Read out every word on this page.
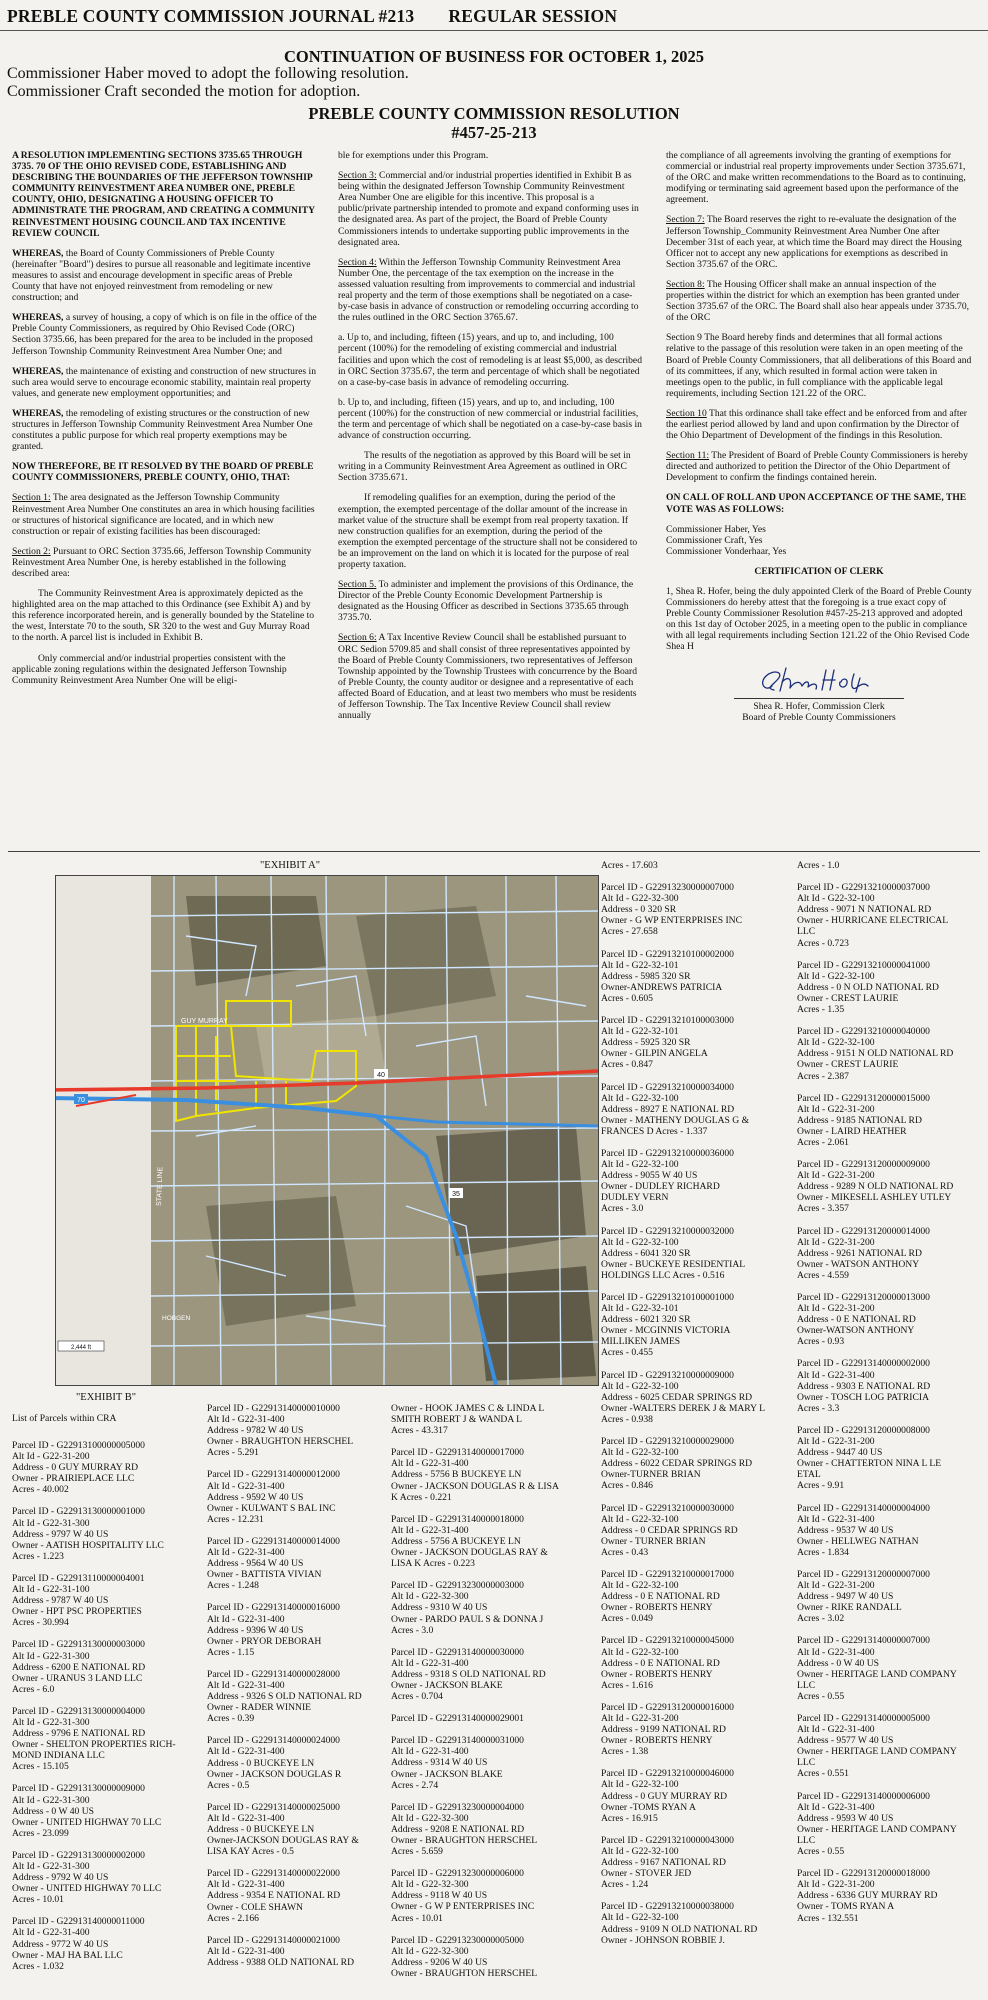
PREBLE COUNTY COMMISSION JOURNAL #213 REGULAR SESSION
CONTINUATION OF BUSINESS FOR OCTOBER 1, 2025
Commissioner Haber moved to adopt the following resolution.
Commissioner Craft seconded the motion for adoption.
PREBLE COUNTY COMMISSION RESOLUTION
#457-25-213

A RESOLUTION IMPLEMENTING SECTIONS 3735.65 THROUGH 3735. 70 OF THE OHIO REVISED CODE, ESTABLISHING AND DESCRIBING THE BOUNDARIES OF THE JEFFERSON TOWNSHIP COMMUNITY REINVESTMENT AREA NUMBER ONE, PREBLE COUNTY, OHIO, DESIGNATING A HOUSING OFFICER TO ADMINISTRATE THE PROGRAM, AND CREATING A COMMUNITY REINVESTMENT HOUSING COUNCIL AND TAX INCENTIVE REVIEW COUNCIL

WHEREAS, the Board of County Commissioners of Preble County (hereinafter "Board") desires to pursue all reasonable and legitimate incentive measures to assist and encourage development in specific areas of Preble County that have not enjoyed reinvestment from remodeling or new construction; and

WHEREAS, a survey of housing, a copy of which is on file in the office of the Preble County Commissioners, as required by Ohio Revised Code (ORC) Section 3735.66, has been prepared for the area to be included in the proposed Jefferson Township Community Reinvestment Area Number One; and

WHEREAS, the maintenance of existing and construction of new structures in such area would serve to encourage economic stability, maintain real property values, and generate new employment opportunities; and

WHEREAS, the remodeling of existing structures or the construction of new structures in Jefferson Township Community Reinvestment Area Number One constitutes a public purpose for which real property exemptions may be granted.

NOW THEREFORE, BE IT RESOLVED BY THE BOARD OF PREBLE COUNTY COMMISSIONERS, PREBLE COUNTY, OHIO, THAT:

Section 1: The area designated as the Jefferson Township Community Reinvestment Area Number One constitutes an area in which housing facilities or structures of historical significance are located, and in which new construction or repair of existing facilities has been discouraged:

Section 2: Pursuant to ORC Section 3735.66, Jefferson Township Community Reinvestment Area Number One, is hereby established in the following described area:

The Community Reinvestment Area is approximately depicted as the highlighted area on the map attached to this Ordinance (see Exhibit A) and by this reference incorporated herein, and is generally bounded by the Stateline to the west, Interstate 70 to the south, SR 320 to the west and Guy Murray Road to the north. A parcel list is included in Exhibit B.

Only commercial and/or industrial properties consistent with the applicable zoning regulations within the designated Jefferson Township Community Reinvestment Area Number One will be eligi-

ble for exemptions under this Program.

Section 3: Commercial and/or industrial properties identified in Exhibit B as being within the designated Jefferson Township Community Reinvestment Area Number One are eligible for this incentive. This proposal is a public/private partnership intended to promote and expand conforming uses in the designated area. As part of the project, the Board of Preble County Commissioners intends to undertake supporting public improvements in the designated area.

Section 4: Within the Jefferson Township Community Reinvestment Area Number One, the percentage of the tax exemption on the increase in the assessed valuation resulting from improvements to commercial and industrial real property and the term of those exemptions shall be negotiated on a case-by-case basis in advance of construction or remodeling occurring according to the rules outlined in the ORC Section 3765.67.

a. Up to, and including, fifteen (15) years, and up to, and including, 100 percent (100%) for the remodeling of existing commercial and industrial facilities and upon which the cost of remodeling is at least $5,000, as described in ORC Section 3735.67, the term and percentage of which shall be negotiated on a case-by-case basis in advance of remodeling occurring.

b. Up to, and including, fifteen (15) years, and up to, and including, 100 percent (100%) for the construction of new commercial or industrial facilities, the term and percentage of which shall be negotiated on a case-by-case basis in advance of construction occurring.

The results of the negotiation as approved by this Board will be set in writing in a Community Reinvestment Area Agreement as outlined in ORC Section 3735.671.

If remodeling qualifies for an exemption, during the period of the exemption, the exempted percentage of the dollar amount of the increase in market value of the structure shall be exempt from real property taxation. If new construction qualifies for an exemption, during the period of the exemption the exempted percentage of the structure shall not be considered to be an improvement on the land on which it is located for the purpose of real property taxation.

Section 5. To administer and implement the provisions of this Ordinance, the Director of the Preble County Economic Development Partnership is designated as the Housing Officer as described in Sections 3735.65 through 3735.70.

Section 6: A Tax Incentive Review Council shall be established pursuant to ORC Sedion 5709.85 and shall consist of three representatives appointed by the Board of Preble County Commissioners, two representatives of Jefferson Township appointed by the Township Trustees with concurrence by the Board of Preble County, the county auditor or designee and a representative of each affected Board of Education, and at least two members who must be residents of Jefferson Township. The Tax Incentive Review Council shall review annually

the compliance of all agreements involving the granting of exemptions for commercial or industrial real property improvements under Section 3735.671, of the ORC and make written recommendations to the Board as to continuing, modifying or terminating said agreement based upon the performance of the agreement.

Section 7: The Board reserves the right to re-evaluate the designation of the Jefferson Township_Community Reinvestment Area Number One after December 31st of each year, at which time the Board may direct the Housing Officer not to accept any new applications for exemptions as described in Section 3735.67 of the ORC.

Section 8: The Housing Officer shall make an annual inspection of the properties within the district for which an exemption has been granted under Section 3735.67 of the ORC. The Board shall also hear appeals under 3735.70, of the ORC

Section 9 The Board hereby finds and determines that all formal actions relative to the passage of this resolution were taken in an open meeting of the Board of Preble County Commissioners, that all deliberations of this Board and of its committees, if any, which resulted in formal action were taken in meetings open to the public, in full compliance with the applicable legal requirements, including Section 121.22 of the ORC.

Section 10 That this ordinance shall take effect and be enforced from and after the earliest period allowed by land and upon confirmation by the Director of the Ohio Department of Development of the findings in this Resolution.

Section 11: The President of Board of Preble County Commissioners is hereby directed and authorized to petition the Director of the Ohio Department of Development to confirm the findings contained herein.

ON CALL OF ROLL AND UPON ACCEPTANCE OF THE SAME, THE VOTE WAS AS FOLLOWS:

Commissioner Haber, Yes
Commissioner Craft, Yes
Commissioner Vonderhaar, Yes

CERTIFICATION OF CLERK

1, Shea R. Hofer, being the duly appointed Clerk of the Board of Preble County Commissioners do hereby attest that the foregoing is a true exact copy of Preble County Commissioner Resolution #457-25-213 approved and adopted on this 1st day of October 2025, in a meeting open to the public in compliance with all legal requirements including Section 121.22 of the Ohio Revised Code Shea H

Shea R. Hofer, Commission Clerk

Board of Preble County Commissioners

"EXHIBIT A"
2,444 ft
GUY MURRAY
STATE LINE
70
40
35
HOBGEN
"EXHIBIT B"
List of Parcels within CRA
Parcel ID - G22913100000005000
Alt Id - G22-31-200
Address - 0 GUY MURRAY RD
Owner - PRAIRIEPLACE LLC
Acres - 40.002
Parcel ID - G22913130000001000
Alt Id - G22-31-300
Address - 9797 W 40 US
Owner - AATISH HOSPITALITY LLC
Acres - 1.223
Parcel ID - G22913110000004001
Alt Id - G22-31-100
Address - 9787 W 40 US
Owner - HPT PSC PROPERTIES
Acres - 30.994
Parcel ID - G22913130000003000
Alt Id - G22-31-300
Address - 6200 E NATIONAL RD
Owner - URANUS 3 LAND LLC
Acres - 6.0
Parcel ID - G22913130000004000
Alt Id - G22-31-300
Address - 9796 E NATIONAL RD
Owner - SHELTON PROPERTIES RICH-
MOND INDIANA LLC
Acres - 15.105
Parcel ID - G22913130000009000
Alt Id - G22-31-300
Address - 0 W 40 US
Owner - UNITED HIGHWAY 70 LLC
Acres - 23.099
Parcel ID - G22913130000002000
Alt Id - G22-31-300
Address - 9792 W 40 US
Owner - UNITED HIGHWAY 70 LLC
Acres - 10.01
Parcel ID - G22913140000011000
Alt Id - G22-31-400
Address - 9772 W 40 US
Owner - MAJ HA BAL LLC
Acres - 1.032
Parcel ID - G22913140000010000
Alt Id - G22-31-400
Address - 9782 W 40 US
Owner - BRAUGHTON HERSCHEL
Acres - 5.291
Parcel ID - G22913140000012000
Alt Id - G22-31-400
Address - 9592 W 40 US
Owner - KULWANT S BAL INC
Acres - 12.231
Parcel ID - G22913140000014000
Alt Id - G22-31-400
Address - 9564 W 40 US
Owner - BATTISTA VIVIAN
Acres - 1.248
Parcel ID - G22913140000016000
Alt Id - G22-31-400
Address - 9396 W 40 US
Owner - PRYOR DEBORAH
Acres - 1.15
Parcel ID - G22913140000028000
Alt Id - G22-31-400
Address - 9326 S OLD NATIONAL RD
Owner - RADER WINNIE
Acres - 0.39
Parcel ID - G22913140000024000
Alt Id - G22-31-400
Address - 0 BUCKEYE LN
Owner - JACKSON DOUGLAS R
Acres - 0.5
Parcel ID - G22913140000025000
Alt Id - G22-31-400
Address - 0 BUCKEYE LN
Owner-JACKSON DOUGLAS RAY &
LISA KAY Acres - 0.5
Parcel ID - G22913140000022000
Alt Id - G22-31-400
Address - 9354 E NATIONAL RD
Owner - COLE SHAWN
Acres - 2.166
Parcel ID - G22913140000021000
Alt Id - G22-31-400
Address - 9388 OLD NATIONAL RD
Owner - HOOK JAMES C & LINDA L
SMITH ROBERT J & WANDA L
Acres - 43.317
Parcel ID - G22913140000017000
Alt Id - G22-31-400
Address - 5756 B BUCKEYE LN
Owner - JACKSON DOUGLAS R & LISA
K Acres - 0.221
Parcel ID - G22913140000018000
Alt Id - G22-31-400
Address - 5756 A BUCKEYE LN
Owner - JACKSON DOUGLAS RAY &
LISA K Acres - 0.223
Parcel ID - G22913230000003000
Alt Id - G22-32-300
Address - 9310 W 40 US
Owner - PARDO PAUL S & DONNA J
Acres - 3.0
Parcel ID - G22913140000030000
Alt Id - G22-31-400
Address - 9318 S OLD NATIONAL RD
Owner - JACKSON BLAKE
Acres - 0.704
Parcel ID - G22913140000029001
Parcel ID - G22913140000031000
Alt Id - G22-31-400
Address - 9314 W 40 US
Owner - JACKSON BLAKE
Acres - 2.74
Parcel ID - G22913230000004000
Alt Id - G22-32-300
Address - 9208 E NATIONAL RD
Owner - BRAUGHTON HERSCHEL
Acres - 5.659
Parcel ID - G22913230000006000
Alt Id - G22-32-300
Address - 9118 W 40 US
Owner - G W P ENTERPRISES INC
Acres - 10.01
Parcel ID - G22913230000005000
Alt Id - G22-32-300
Address - 9206 W 40 US
Owner - BRAUGHTON HERSCHEL
Acres - 17.603
Parcel ID - G22913230000007000
Alt Id - G22-32-300
Address - 0 320 SR
Owner - G WP ENTERPRISES INC
Acres - 27.658
Parcel ID - G22913210100002000
Alt Id - G22-32-101
Address - 5985 320 SR
Owner-ANDREWS PATRICIA
Acres - 0.605
Parcel ID - G22913210100003000
Alt Id - G22-32-101
Address - 5925 320 SR
Owner - GILPIN ANGELA
Acres - 0.847
Parcel ID - G22913210000034000
Alt Id - G22-32-100
Address - 8927 E NATIONAL RD
Owner - MATHENY DOUGLAS G &
FRANCES D Acres - 1.337
Parcel ID - G22913210000036000
Alt Id - G22-32-100
Address - 9055 W 40 US
Owner - DUDLEY RICHARD
DUDLEY VERN
Acres - 3.0
Parcel ID - G22913210000032000
Alt Id - G22-32-100
Address - 6041 320 SR
Owner - BUCKEYE RESIDENTIAL
HOLDINGS LLC Acres - 0.516
Parcel ID - G22913210100001000
Alt Id - G22-32-101
Address - 6021 320 SR
Owner - MCGINNIS VICTORIA
MILLIKEN JAMES
Acres - 0.455
Parcel ID - G22913210000009000
Alt Id - G22-32-100
Address - 6025 CEDAR SPRINGS RD
Owner -WALTERS DEREK J & MARY L
Acres - 0.938
Parcel ID - G22913210000029000
Alt Id - G22-32-100
Address - 6022 CEDAR SPRINGS RD
Owner-TURNER BRIAN
Acres - 0.846
Parcel ID - G22913210000030000
Alt Id - G22-32-100
Address - 0 CEDAR SPRINGS RD
Owner - TURNER BRIAN
Acres - 0.43
Parcel ID - G22913210000017000
Alt Id - G22-32-100
Address - 0 E NATIONAL RD
Owner - ROBERTS HENRY
Acres - 0.049
Parcel ID - G22913210000045000
Alt Id - G22-32-100
Address - 0 E NATIONAL RD
Owner - ROBERTS HENRY
Acres - 1.616
Parcel ID - G22913120000016000
Alt Id - G22-31-200
Address - 9199 NATIONAL RD
Owner - ROBERTS HENRY
Acres - 1.38
Parcel ID - G22913210000046000
Alt Id - G22-32-100
Address - 0 GUY MURRAY RD
Owner -TOMS RYAN A
Acres - 16.915
Parcel ID - G22913210000043000
Alt Id - G22-32-100
Address - 9167 NATIONAL RD
Owner - STOVER JED
Acres - 1.24
Parcel ID - G22913210000038000
Alt Id - G22-32-100
Address - 9109 N OLD NATIONAL RD
Owner - JOHNSON ROBBIE J.
Acres - 1.0
Parcel ID - G22913210000037000
Alt Id - G22-32-100
Address - 9071 N NATIONAL RD
Owner - HURRICANE ELECTRICAL
LLC
Acres - 0.723
Parcel ID - G22913210000041000
Alt Id - G22-32-100
Address - 0 N OLD NATIONAL RD
Owner - CREST LAURIE
Acres - 1.35
Parcel ID - G22913210000040000
Alt Id - G22-32-100
Address - 9151 N OLD NATIONAL RD
Owner - CREST LAURIE
Acres - 2.387
Parcel ID - G22913120000015000
Alt Id - G22-31-200
Address - 9185 NATIONAL RD
Owner - LAIRD HEATHER
Acres - 2.061
Parcel ID - G22913120000009000
Alt Id - G22-31-200
Address - 9289 N OLD NATIONAL RD
Owner - MIKESELL ASHLEY UTLEY
Acres - 3.357
Parcel ID - G22913120000014000
Alt Id - G22-31-200
Address - 9261 NATIONAL RD
Owner - WATSON ANTHONY
Acres - 4.559
Parcel ID - G22913120000013000
Alt Id - G22-31-200
Address - 0 E NATIONAL RD
Owner-WATSON ANTHONY
Acres - 0.93
Parcel ID - G22913140000002000
Alt Id - G22-31-400
Address - 9303 E NATIONAL RD
Owner - TOSCH LOG PATRICIA
Acres - 3.3
Parcel ID - G22913120000008000
Alt Id - G22-31-200
Address - 9447 40 US
Owner - CHATTERTON NINA L LE
ETAL
Acres - 9.91
Parcel ID - G22913140000004000
Alt Id - G22-31-400
Address - 9537 W 40 US
Owner - HELLWEG NATHAN
Acres - 1.834
Parcel ID - G22913120000007000
Alt Id - G22-31-200
Address - 9497 W 40 US
Owner - RIKE RANDALL
Acres - 3.02
Parcel ID - G22913140000007000
Alt Id - G22-31-400
Address - 0 W 40 US
Owner - HERITAGE LAND COMPANY
LLC
Acres - 0.55
Parcel ID - G22913140000005000
Alt Id - G22-31-400
Address - 9577 W 40 US
Owner - HERITAGE LAND COMPANY
LLC
Acres - 0.551
Parcel ID - G22913140000006000
Alt Id - G22-31-400
Address - 9593 W 40 US
Owner - HERITAGE LAND COMPANY
LLC
Acres - 0.55
Parcel ID - G22913120000018000
Alt Id - G22-31-200
Address - 6336 GUY MURRAY RD
Owner - TOMS RYAN A
Acres - 132.551
